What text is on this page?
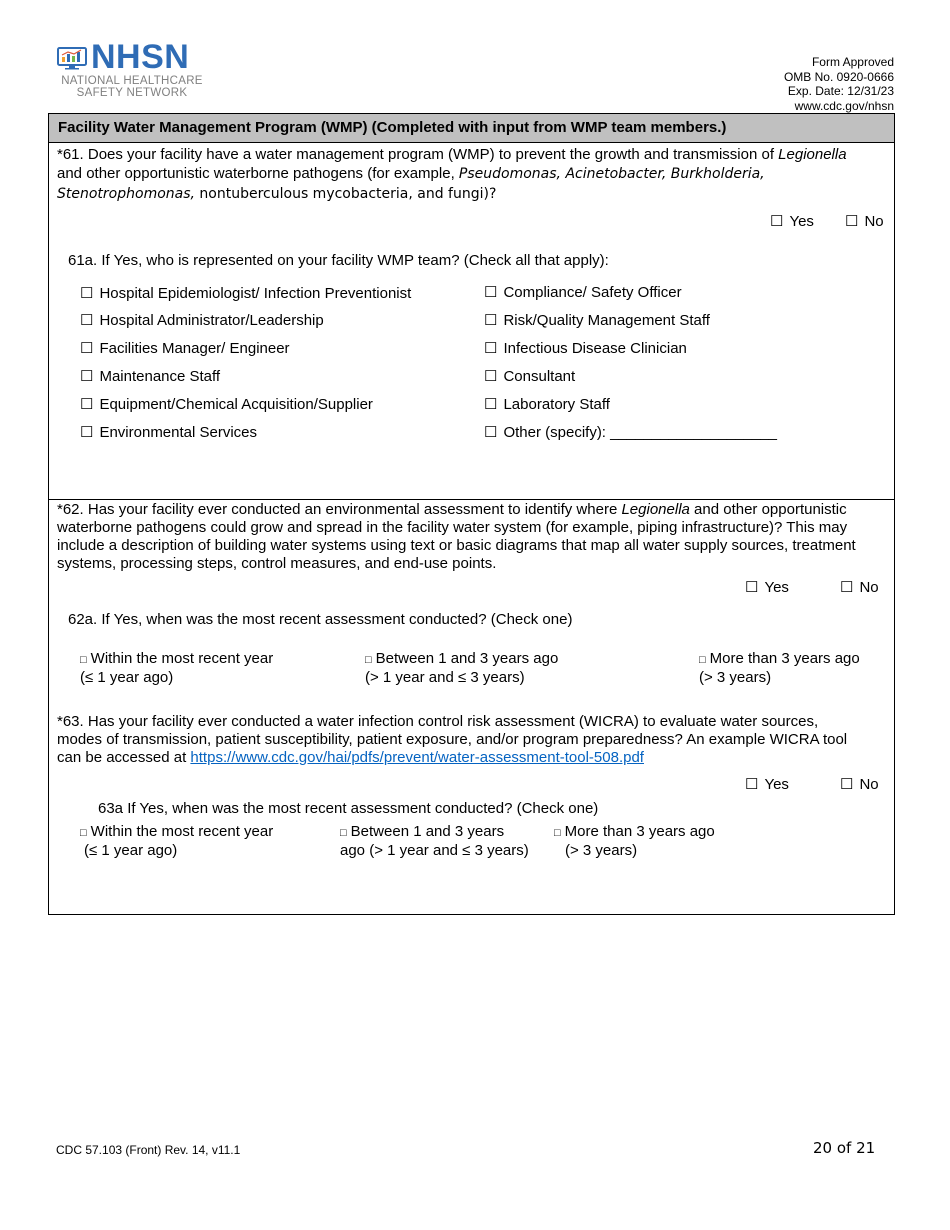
NHSN
NATIONAL HEALTHCARE
SAFETY NETWORK
Form Approved
OMB No. 0920-0666
Exp. Date: 12/31/23
www.cdc.gov/nhsn
Facility Water Management Program (WMP) (Completed with input from WMP team members.)
*61. Does your facility have a water management program (WMP) to prevent the growth and transmission of Legionella
and other opportunistic waterborne pathogens (for example, Pseudomonas, Acinetobacter, Burkholderia,
Stenotrophomonas, nontuberculous mycobacteria, and fungi)?
☐ Yes ☐ No
61a. If Yes, who is represented on your facility WMP team? (Check all that apply):
☐ Hospital Epidemiologist/ Infection Preventionist
☐ Hospital Administrator/Leadership
☐ Facilities Manager/ Engineer
☐ Maintenance Staff
☐ Equipment/Chemical Acquisition/Supplier
☐ Environmental Services
☐ Compliance/ Safety Officer
☐ Risk/Quality Management Staff
☐ Infectious Disease Clinician
☐ Consultant
☐ Laboratory Staff
☐ Other (specify): ____________________
*62. Has your facility ever conducted an environmental assessment to identify where Legionella and other opportunistic
waterborne pathogens could grow and spread in the facility water system (for example, piping infrastructure)? This may
include a description of building water systems using text or basic diagrams that map all water supply sources, treatment
systems, processing steps, control measures, and end-use points.
☐ Yes	☐ No
62a. If Yes, when was the most recent assessment conducted? (Check one)
□ Within the most recent year
(≤ 1 year ago)
□ Between 1 and 3 years ago
(> 1 year and ≤ 3 years)
□ More than 3 years ago
(> 3 years)
*63. Has your facility ever conducted a water infection control risk assessment (WICRA) to evaluate water sources,
modes of transmission, patient susceptibility, patient exposure, and/or program preparedness? An example WICRA tool
can be accessed at https://www.cdc.gov/hai/pdfs/prevent/water-assessment-tool-508.pdf
☐ Yes	☐ No
63a If Yes, when was the most recent assessment conducted? (Check one)
□ Within the most recent year
(≤ 1 year ago)
□ Between 1 and 3 years
ago (> 1 year and ≤ 3 years)
□ More than 3 years ago
(> 3 years)
CDC 57.103 (Front) Rev. 14, v11.1	20 of 21
